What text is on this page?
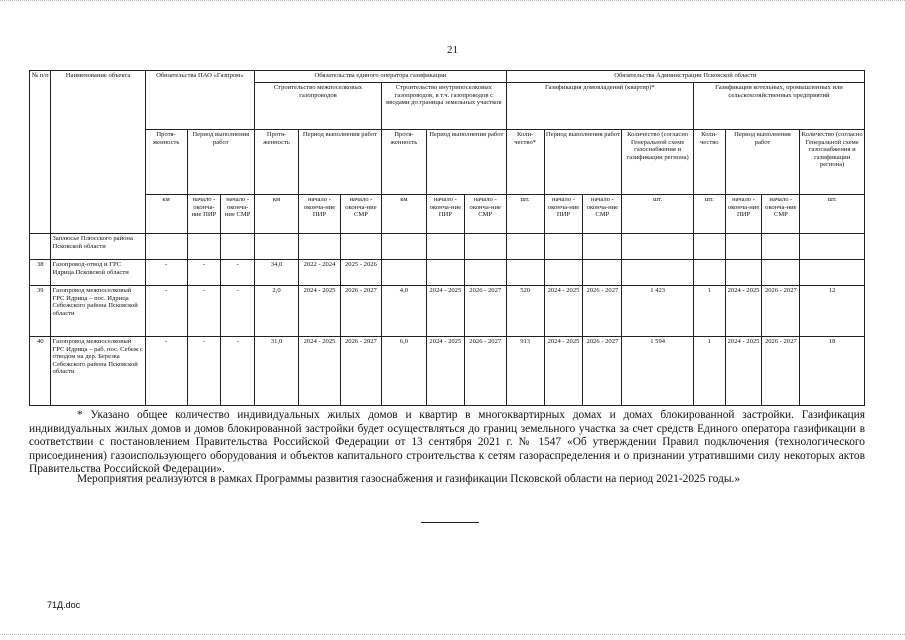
21
№ п/п	Наименование объекта	Обязательства ПАО «Газпром»			Обязательства единого оператора газификации						Обязательства Администрации Псковской области							
					Строительство межпоселковых газопроводов			Строительство внутрипоселковых газопроводов, в т.ч. газопроводов с вводами до границы земельных участков			Газификация домовладений (квартир)*				Газификация котельных, промышленных или сельскохозяйственных предприятий			
		Протя-женность	Период выполнения работ		Протя-женность	Период выполнения работ		Протя-женность	Период выполнения работ		Коли-чество*	Период выполнения работ		Количество (согласно Генеральной схеме газоснабжения и газификации региона)	Коли-чество	Период выполнения работ		Количество (согласно Генеральной схеме газоснабжения и газификации региона)
		км	начало - оконча-ние ПИР	начало - оконча-ние СМР	км	начало - оконча-ние ПИР	начало - оконча-ние СМР	км	начало - оконча-ние ПИР	начало - оконча-ние СМР	шт.	начало - оконча-ние ПИР	начало - оконча-ние СМР	шт.	шт.	начало - оконча-ние ПИР	начало - оконча-ние СМР	шт.
	Заплюсье Плюсского района Псковской области																	
38	Газопровод-отвод и ГРС Идрица Псковской области	-	-	-	34,0	2022 - 2024	2025 - 2026											
39	Газопровод межпоселковый ГРС Идрица – пос. Идрица Себежского района Псковской области	-	-	-	2,0	2024 - 2025	2026 - 2027	4,0	2024 - 2025	2026 - 2027	520	2024 - 2025	2026 - 2027	1 423	1	2024 - 2025	2026 - 2027	12
40	Газопровод межпоселковый ГРС Идрица – раб. пос. Себеж с отводом на дер. Березка Себежского района Псковской области	-	-	-	31,0	2024 - 2025	2026 - 2027	6,0	2024 - 2025	2026 - 2027	913	2024 - 2025	2026 - 2027	1 594	1	2024 - 2025	2026 - 2027	18

* Указано общее количество индивидуальных жилых домов и квартир в многоквартирных домах и домах блокированной застройки. Газификация индивидуальных жилых домов и домов блокированной застройки будет осуществляться до границ земельного участка за счет средств Единого оператора газификации в соответствии с постановлением Правительства Российской Федерации от 13 сентября 2021 г. № 1547 «Об утверждении Правил подключения (технологического присоединения) газоиспользующего оборудования и объектов капитального строительства к сетям газораспределения и о признании утратившими силу некоторых актов Правительства Российской Федерации».

Мероприятия реализуются в рамках Программы развития газоснабжения и газификации Псковской области на период 2021-2025 годы.»
71Д.doc
